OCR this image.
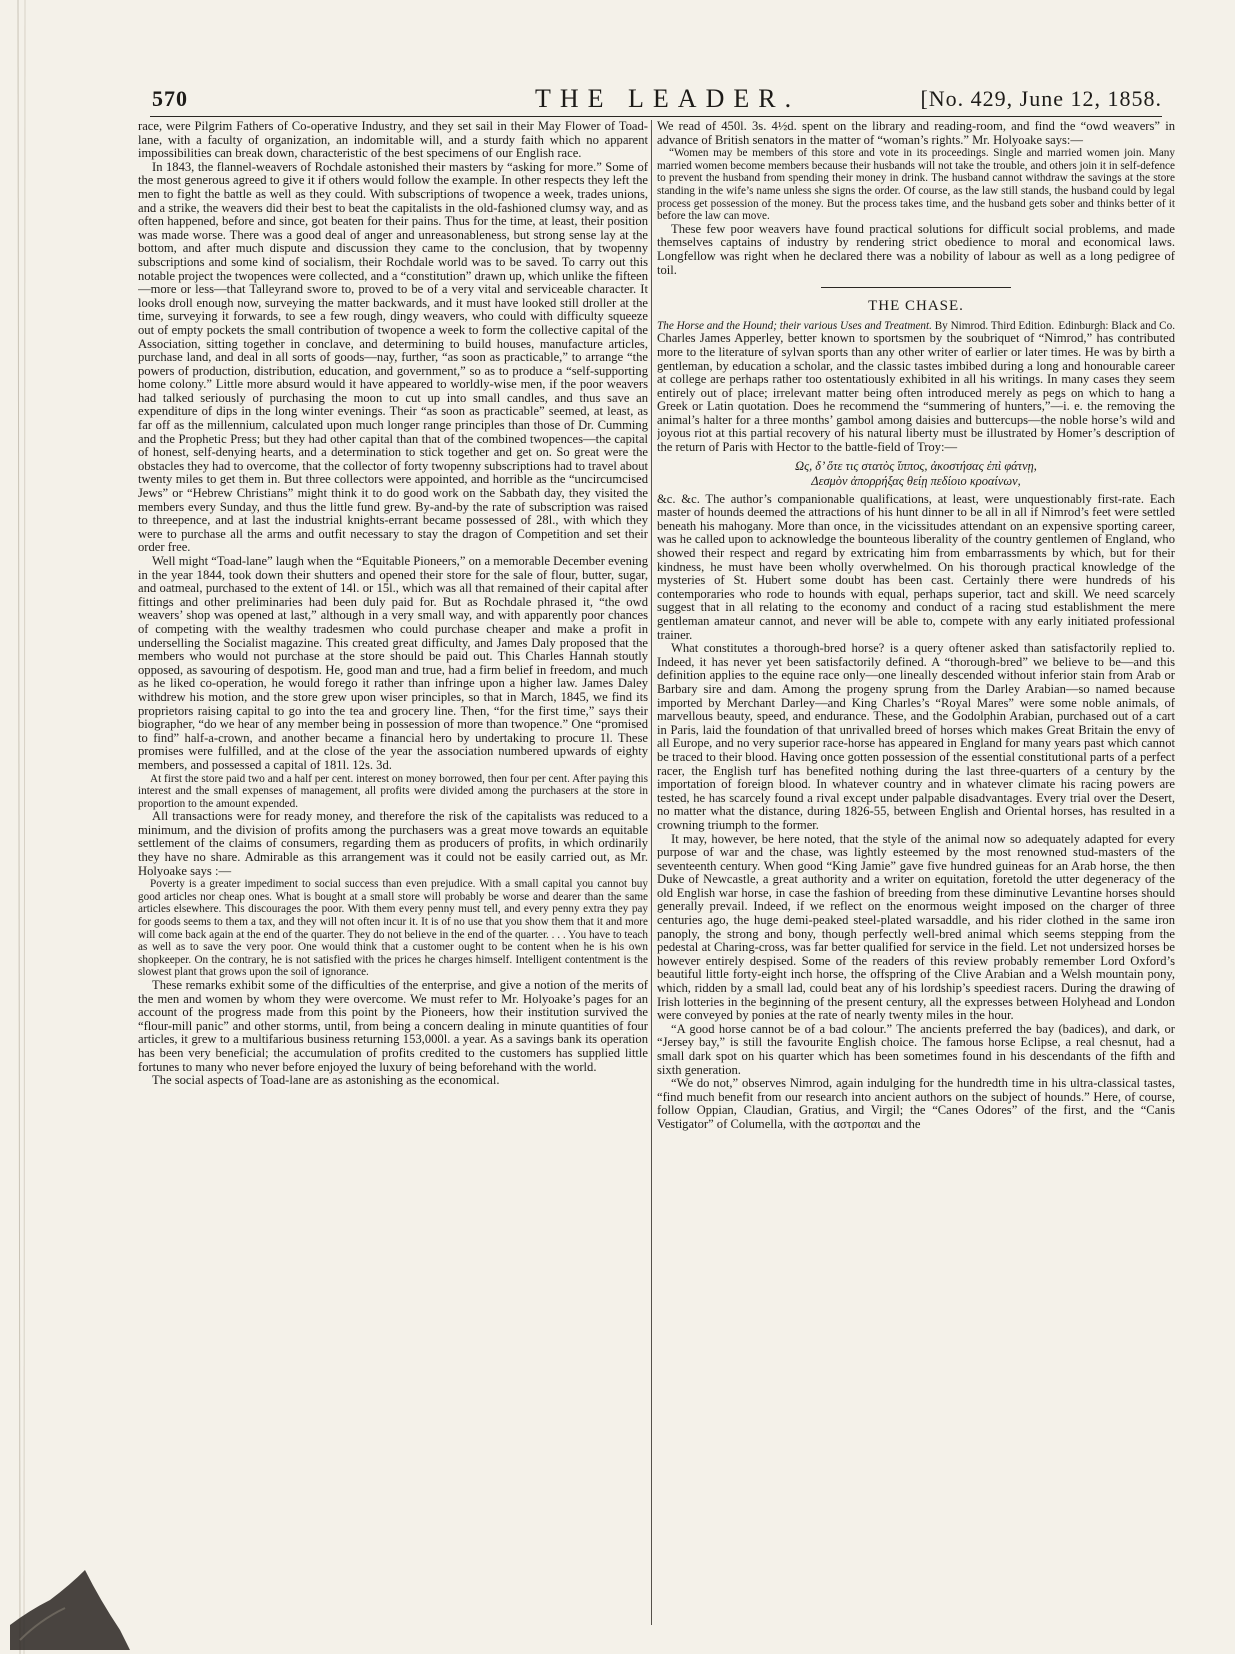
570	THE LEADER.	[No. 429, June 12, 1858.

race, were Pilgrim Fathers of Co-operative Industry, and they set sail in their May Flower of Toad-lane, with a faculty of organization, an indomitable will, and a sturdy faith which no apparent impossibilities can break down, characteristic of the best specimens of our English race.

In 1843, the flannel-weavers of Rochdale astonished their masters by “asking for more.” Some of the most generous agreed to give it if others would follow the example. In other respects they left the men to fight the battle as well as they could. With subscriptions of twopence a week, trades unions, and a strike, the weavers did their best to beat the capitalists in the old-fashioned clumsy way, and as often happened, before and since, got beaten for their pains. Thus for the time, at least, their position was made worse. There was a good deal of anger and unreasonableness, but strong sense lay at the bottom, and after much dispute and discussion they came to the conclusion, that by twopenny subscriptions and some kind of socialism, their Rochdale world was to be saved. To carry out this notable project the twopences were collected, and a “constitution” drawn up, which unlike the fifteen—more or less—that Talleyrand swore to, proved to be of a very vital and serviceable character. It looks droll enough now, surveying the matter backwards, and it must have looked still droller at the time, surveying it forwards, to see a few rough, dingy weavers, who could with difficulty squeeze out of empty pockets the small contribution of twopence a week to form the collective capital of the Association, sitting together in conclave, and determining to build houses, manufacture articles, purchase land, and deal in all sorts of goods—nay, further, “as soon as practicable,” to arrange “the powers of production, distribution, education, and government,” so as to produce a “self-supporting home colony.” Little more absurd would it have appeared to worldly-wise men, if the poor weavers had talked seriously of purchasing the moon to cut up into small candles, and thus save an expenditure of dips in the long winter evenings. Their “as soon as practicable” seemed, at least, as far off as the millennium, calculated upon much longer range principles than those of Dr. Cumming and the Prophetic Press; but they had other capital than that of the combined twopences—the capital of honest, self-denying hearts, and a determination to stick together and get on. So great were the obstacles they had to overcome, that the collector of forty twopenny subscriptions had to travel about twenty miles to get them in. But three collectors were appointed, and horrible as the “uncircumcised Jews” or “Hebrew Christians” might think it to do good work on the Sabbath day, they visited the members every Sunday, and thus the little fund grew. By-and-by the rate of subscription was raised to threepence, and at last the industrial knights-errant became possessed of 28l., with which they were to purchase all the arms and outfit necessary to stay the dragon of Competition and set their order free.

Well might “Toad-lane” laugh when the “Equitable Pioneers,” on a memorable December evening in the year 1844, took down their shutters and opened their store for the sale of flour, butter, sugar, and oatmeal, purchased to the extent of 14l. or 15l., which was all that remained of their capital after fittings and other preliminaries had been duly paid for. But as Rochdale phrased it, “the owd weavers’ shop was opened at last,” although in a very small way, and with apparently poor chances of competing with the wealthy tradesmen who could purchase cheaper and make a profit in underselling the Socialist magazine. This created great difficulty, and James Daly proposed that the members who would not purchase at the store should be paid out. This Charles Hannah stoutly opposed, as savouring of despotism. He, good man and true, had a firm belief in freedom, and much as he liked co-operation, he would forego it rather than infringe upon a higher law. James Daley withdrew his motion, and the store grew upon wiser principles, so that in March, 1845, we find its proprietors raising capital to go into the tea and grocery line. Then, “for the first time,” says their biographer, “do we hear of any member being in possession of more than twopence.” One “promised to find” half-a-crown, and another became a financial hero by undertaking to procure 1l. These promises were fulfilled, and at the close of the year the association numbered upwards of eighty members, and possessed a capital of 181l. 12s. 3d.

At first the store paid two and a half per cent. interest on money borrowed, then four per cent. After paying this interest and the small expenses of management, all profits were divided among the purchasers at the store in proportion to the amount expended.

All transactions were for ready money, and therefore the risk of the capitalists was reduced to a minimum, and the division of profits among the purchasers was a great move towards an equitable settlement of the claims of consumers, regarding them as producers of profits, in which ordinarily they have no share. Admirable as this arrangement was it could not be easily carried out, as Mr. Holyoake says :—

Poverty is a greater impediment to social success than even prejudice. With a small capital you cannot buy good articles nor cheap ones. What is bought at a small store will probably be worse and dearer than the same articles elsewhere. This discourages the poor. With them every penny must tell, and every penny extra they pay for goods seems to them a tax, and they will not often incur it. It is of no use that you show them that it and more will come back again at the end of the quarter. They do not believe in the end of the quarter. . . . You have to teach as well as to save the very poor. One would think that a customer ought to be content when he is his own shopkeeper. On the contrary, he is not satisfied with the prices he charges himself. Intelligent contentment is the slowest plant that grows upon the soil of ignorance.

These remarks exhibit some of the difficulties of the enterprise, and give a notion of the merits of the men and women by whom they were overcome. We must refer to Mr. Holyoake’s pages for an account of the progress made from this point by the Pioneers, how their institution survived the “flour-mill panic” and other storms, until, from being a concern dealing in minute quantities of four articles, it grew to a multifarious business returning 153,000l. a year. As a savings bank its operation has been very beneficial; the accumulation of profits credited to the customers has supplied little fortunes to many who never before enjoyed the luxury of being beforehand with the world.

The social aspects of Toad-lane are as astonishing as the economical.

We read of 450l. 3s. 4½d. spent on the library and reading-room, and find the “owd weavers” in advance of British senators in the matter of “woman’s rights.” Mr. Holyoake says:—

“Women may be members of this store and vote in its proceedings. Single and married women join. Many married women become members because their husbands will not take the trouble, and others join it in self-defence to prevent the husband from spending their money in drink. The husband cannot withdraw the savings at the store standing in the wife’s name unless she signs the order. Of course, as the law still stands, the husband could by legal process get possession of the money. But the process takes time, and the husband gets sober and thinks better of it before the law can move.

These few poor weavers have found practical solutions for difficult social problems, and made themselves captains of industry by rendering strict obedience to moral and economical laws. Longfellow was right when he declared there was a nobility of labour as well as a long pedigree of toil.

THE CHASE.
The Horse and the Hound; their various Uses and Treatment. By Nimrod. Third Edition. Edinburgh: Black and Co.

Charles James Apperley, better known to sportsmen by the soubriquet of “Nimrod,” has contributed more to the literature of sylvan sports than any other writer of earlier or later times. He was by birth a gentleman, by education a scholar, and the classic tastes imbibed during a long and honourable career at college are perhaps rather too ostentatiously exhibited in all his writings. In many cases they seem entirely out of place; irrelevant matter being often introduced merely as pegs on which to hang a Greek or Latin quotation. Does he recommend the “summering of hunters,”—i. e. the removing the animal’s halter for a three months’ gambol among daisies and buttercups—the noble horse’s wild and joyous riot at this partial recovery of his natural liberty must be illustrated by Homer’s description of the return of Paris with Hector to the battle-field of Troy:—

Ως, δ’ ὅτε τις στατὸς ἵππος, ἀκοστήσας ἐπὶ φάτνῃ,
Δεσμὸν ἀπορρήξας θείῃ πεδίοιο κροαίνων,

&c. &c. The author’s companionable qualifications, at least, were unquestionably first-rate. Each master of hounds deemed the attractions of his hunt dinner to be all in all if Nimrod’s feet were settled beneath his mahogany. More than once, in the vicissitudes attendant on an expensive sporting career, was he called upon to acknowledge the bounteous liberality of the country gentlemen of England, who showed their respect and regard by extricating him from embarrassments by which, but for their kindness, he must have been wholly overwhelmed. On his thorough practical knowledge of the mysteries of St. Hubert some doubt has been cast. Certainly there were hundreds of his contemporaries who rode to hounds with equal, perhaps superior, tact and skill. We need scarcely suggest that in all relating to the economy and conduct of a racing stud establishment the mere gentleman amateur cannot, and never will be able to, compete with any early initiated professional trainer.

What constitutes a thorough-bred horse? is a query oftener asked than satisfactorily replied to. Indeed, it has never yet been satisfactorily defined. A “thorough-bred” we believe to be—and this definition applies to the equine race only—one lineally descended without inferior stain from Arab or Barbary sire and dam. Among the progeny sprung from the Darley Arabian—so named because imported by Merchant Darley—and King Charles’s “Royal Mares” were some noble animals, of marvellous beauty, speed, and endurance. These, and the Godolphin Arabian, purchased out of a cart in Paris, laid the foundation of that unrivalled breed of horses which makes Great Britain the envy of all Europe, and no very superior race-horse has appeared in England for many years past which cannot be traced to their blood. Having once gotten possession of the essential constitutional parts of a perfect racer, the English turf has benefited nothing during the last three-quarters of a century by the importation of foreign blood. In whatever country and in whatever climate his racing powers are tested, he has scarcely found a rival except under palpable disadvantages. Every trial over the Desert, no matter what the distance, during 1826-55, between English and Oriental horses, has resulted in a crowning triumph to the former.

It may, however, be here noted, that the style of the animal now so adequately adapted for every purpose of war and the chase, was lightly esteemed by the most renowned stud-masters of the seventeenth century. When good “King Jamie” gave five hundred guineas for an Arab horse, the then Duke of Newcastle, a great authority and a writer on equitation, foretold the utter degeneracy of the old English war horse, in case the fashion of breeding from these diminutive Levantine horses should generally prevail. Indeed, if we reflect on the enormous weight imposed on the charger of three centuries ago, the huge demi-peaked steel-plated warsaddle, and his rider clothed in the same iron panoply, the strong and bony, though perfectly well-bred animal which seems stepping from the pedestal at Charing-cross, was far better qualified for service in the field. Let not undersized horses be however entirely despised. Some of the readers of this review probably remember Lord Oxford’s beautiful little forty-eight inch horse, the offspring of the Clive Arabian and a Welsh mountain pony, which, ridden by a small lad, could beat any of his lordship’s speediest racers. During the drawing of Irish lotteries in the beginning of the present century, all the expresses between Holyhead and London were conveyed by ponies at the rate of nearly twenty miles in the hour.

“A good horse cannot be of a bad colour.” The ancients preferred the bay (badices), and dark, or “Jersey bay,” is still the favourite English choice. The famous horse Eclipse, a real chesnut, had a small dark spot on his quarter which has been sometimes found in his descendants of the fifth and sixth generation.

“We do not,” observes Nimrod, again indulging for the hundredth time in his ultra-classical tastes, “find much benefit from our research into ancient authors on the subject of hounds.” Here, of course, follow Oppian, Claudian, Gratius, and Virgil; the “Canes Odores” of the first, and the “Canis Vestigator” of Columella, with the αστροπαι and the
